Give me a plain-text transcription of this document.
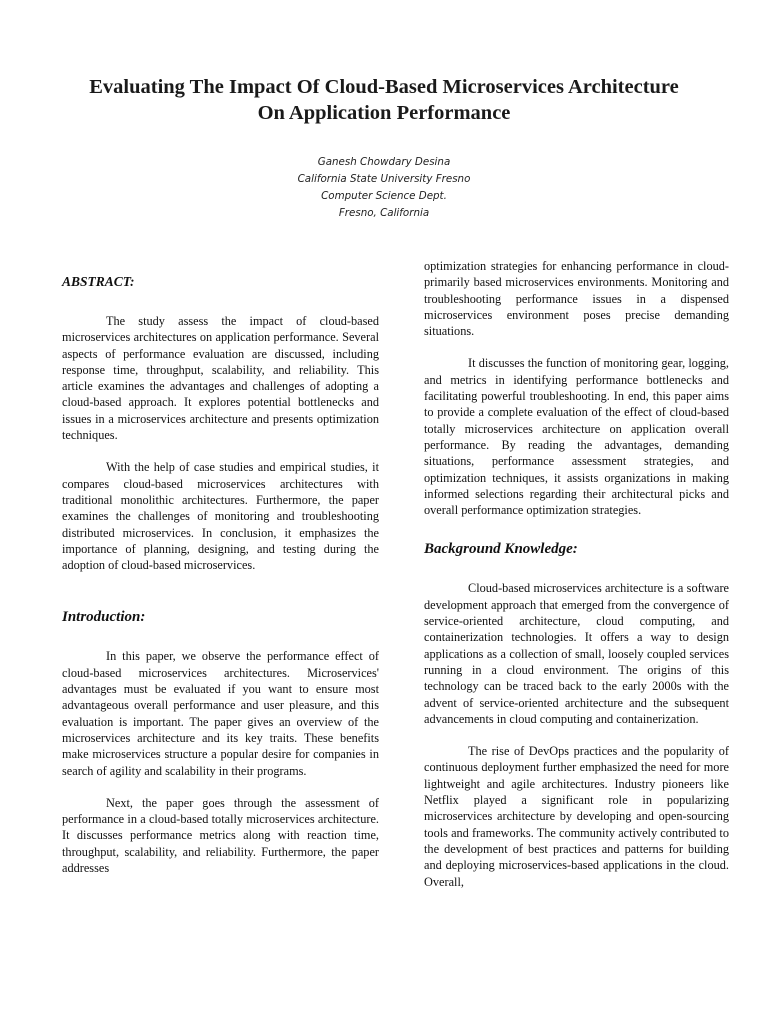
Evaluating The Impact Of Cloud-Based Microservices Architecture
On Application Performance
Ganesh Chowdary Desina
California State University Fresno
Computer Science Dept.
Fresno, California
ABSTRACT:

The study assess the impact of cloud-based microservices architectures on application performance. Several aspects of performance evaluation are discussed, including response time, throughput, scalability, and reliability. This article examines the advantages and challenges of adopting a cloud-based approach. It explores potential bottlenecks and issues in a microservices architecture and presents optimization techniques.

With the help of case studies and empirical studies, it compares cloud-based microservices architectures with traditional monolithic architectures. Furthermore, the paper examines the challenges of monitoring and troubleshooting distributed microservices. In conclusion, it emphasizes the importance of planning, designing, and testing during the adoption of cloud-based microservices.

Introduction:

In this paper, we observe the performance effect of cloud-based microservices architectures. Microservices' advantages must be evaluated if you want to ensure most advantageous overall performance and user pleasure, and this evaluation is important. The paper gives an overview of the microservices architecture and its key traits. These benefits make microservices structure a popular desire for companies in search of agility and scalability in their programs.

Next, the paper goes through the assessment of performance in a cloud-based totally microservices architecture. It discusses performance metrics along with reaction time, throughput, scalability, and reliability. Furthermore, the paper addresses

optimization strategies for enhancing performance in cloud-primarily based microservices environments. Monitoring and troubleshooting performance issues in a dispensed microservices environment poses precise demanding situations.

It discusses the function of monitoring gear, logging, and metrics in identifying performance bottlenecks and facilitating powerful troubleshooting. In end, this paper aims to provide a complete evaluation of the effect of cloud-based totally microservices architecture on application overall performance. By reading the advantages, demanding situations, performance assessment strategies, and optimization techniques, it assists organizations in making informed selections regarding their architectural picks and overall performance optimization strategies.

Background Knowledge:

Cloud-based microservices architecture is a software development approach that emerged from the convergence of service-oriented architecture, cloud computing, and containerization technologies. It offers a way to design applications as a collection of small, loosely coupled services running in a cloud environment. The origins of this technology can be traced back to the early 2000s with the advent of service-oriented architecture and the subsequent advancements in cloud computing and containerization.

The rise of DevOps practices and the popularity of continuous deployment further emphasized the need for more lightweight and agile architectures. Industry pioneers like Netflix played a significant role in popularizing microservices architecture by developing and open-sourcing tools and frameworks. The community actively contributed to the development of best practices and patterns for building and deploying microservices-based applications in the cloud. Overall,
